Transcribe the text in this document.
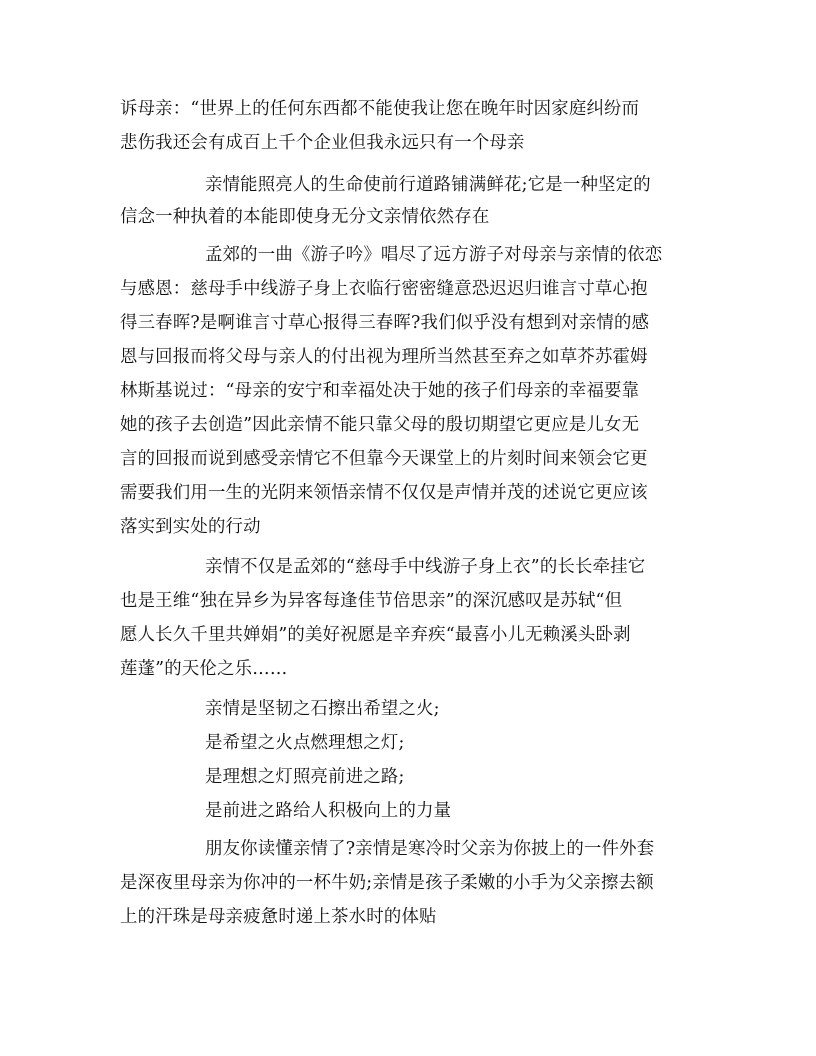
诉母亲：“世界上的任何东西都不能使我让您在晚年时因家庭纠纷而
悲伤我还会有成百上千个企业但我永远只有一个母亲
亲情能照亮人的生命使前行道路铺满鲜花;它是一种坚定的
信念一种执着的本能即使身无分文亲情依然存在
孟郊的一曲《游子吟》唱尽了远方游子对母亲与亲情的依恋
与感恩：慈母手中线游子身上衣临行密密缝意恐迟迟归谁言寸草心抱
得三春晖?是啊谁言寸草心报得三春晖?我们似乎没有想到对亲情的感
恩与回报而将父母与亲人的付出视为理所当然甚至弃之如草芥苏霍姆
林斯基说过：“母亲的安宁和幸福处决于她的孩子们母亲的幸福要靠
她的孩子去创造”因此亲情不能只靠父母的殷切期望它更应是儿女无
言的回报而说到感受亲情它不但靠今天课堂上的片刻时间来领会它更
需要我们用一生的光阴来领悟亲情不仅仅是声情并茂的述说它更应该
落实到实处的行动
亲情不仅是孟郊的“慈母手中线游子身上衣”的长长牵挂它
也是王维“独在异乡为异客每逢佳节倍思亲”的深沉感叹是苏轼“但
愿人长久千里共婵娟”的美好祝愿是辛弃疾“最喜小儿无赖溪头卧剥
莲蓬”的天伦之乐……
亲情是坚韧之石擦出希望之火;
是希望之火点燃理想之灯;
是理想之灯照亮前进之路;
是前进之路给人积极向上的力量
朋友你读懂亲情了?亲情是寒冷时父亲为你披上的一件外套
是深夜里母亲为你冲的一杯牛奶;亲情是孩子柔嫩的小手为父亲擦去额
上的汗珠是母亲疲惫时递上茶水时的体贴
